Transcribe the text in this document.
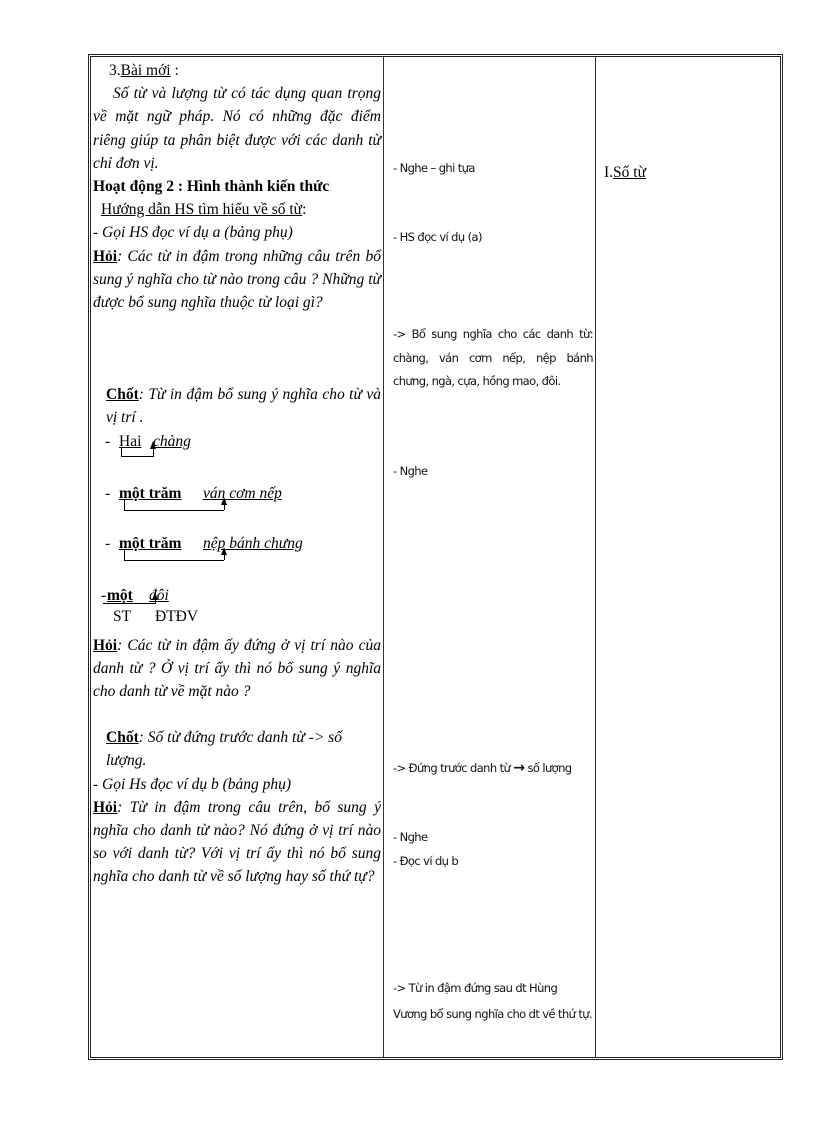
3.Bài mới :
Số từ và lượng từ có tác dụng quan trọng về mặt ngữ pháp. Nó có những đặc điểm riêng giúp ta phân biệt được với các danh từ chỉ đơn vị.
Hoạt động 2 : Hình thành kiến thức
Hướng dẫn HS tìm hiểu về số từ:
- Gọi HS đọc ví dụ a (bảng phụ)
Hỏi: Các từ in đậm trong những câu trên bổ sung ý nghĩa cho từ nào trong câu ? Những từ được bổ sung nghĩa thuộc từ loại gì?
Chốt: Từ in đậm bổ sung ý nghĩa cho từ và vị trí .
- Hai chàng
- một trăm ván cơm nếp
- một trăm nệp bánh chưng
- một đôi
ST ĐTĐV
Hỏi: Các từ in đậm ấy đứng ở vị trí nào của danh từ ? Ở vị trí ấy thì nó bổ sung ý nghĩa cho danh từ về mặt nào ?
Chốt: Số từ đứng trước danh từ -> số lượng.
- Gọi Hs đọc ví dụ b (bảng phụ)
Hỏi: Từ in đậm trong câu trên, bổ sung ý nghĩa cho danh từ nào? Nó đứng ở vị trí nào so với danh từ? Với vị trí ấy thì nó bổ sung nghĩa cho danh từ về số lượng hay số thứ tự?
- Nghe – ghi tựa
- HS đọc ví dụ (a)
-> Bổ sung nghĩa cho các danh từ: chàng, ván cơm nếp, nệp bánh chưng, ngà, cựa, hồng mao, đôi.
- Nghe
-> Đứng trước danh từ → số lượng
- Nghe
- Đọc ví dụ b
-> Từ in đậm đứng sau dt Hùng Vương bổ sung nghĩa cho dt về thứ tự.
I.Số từ
